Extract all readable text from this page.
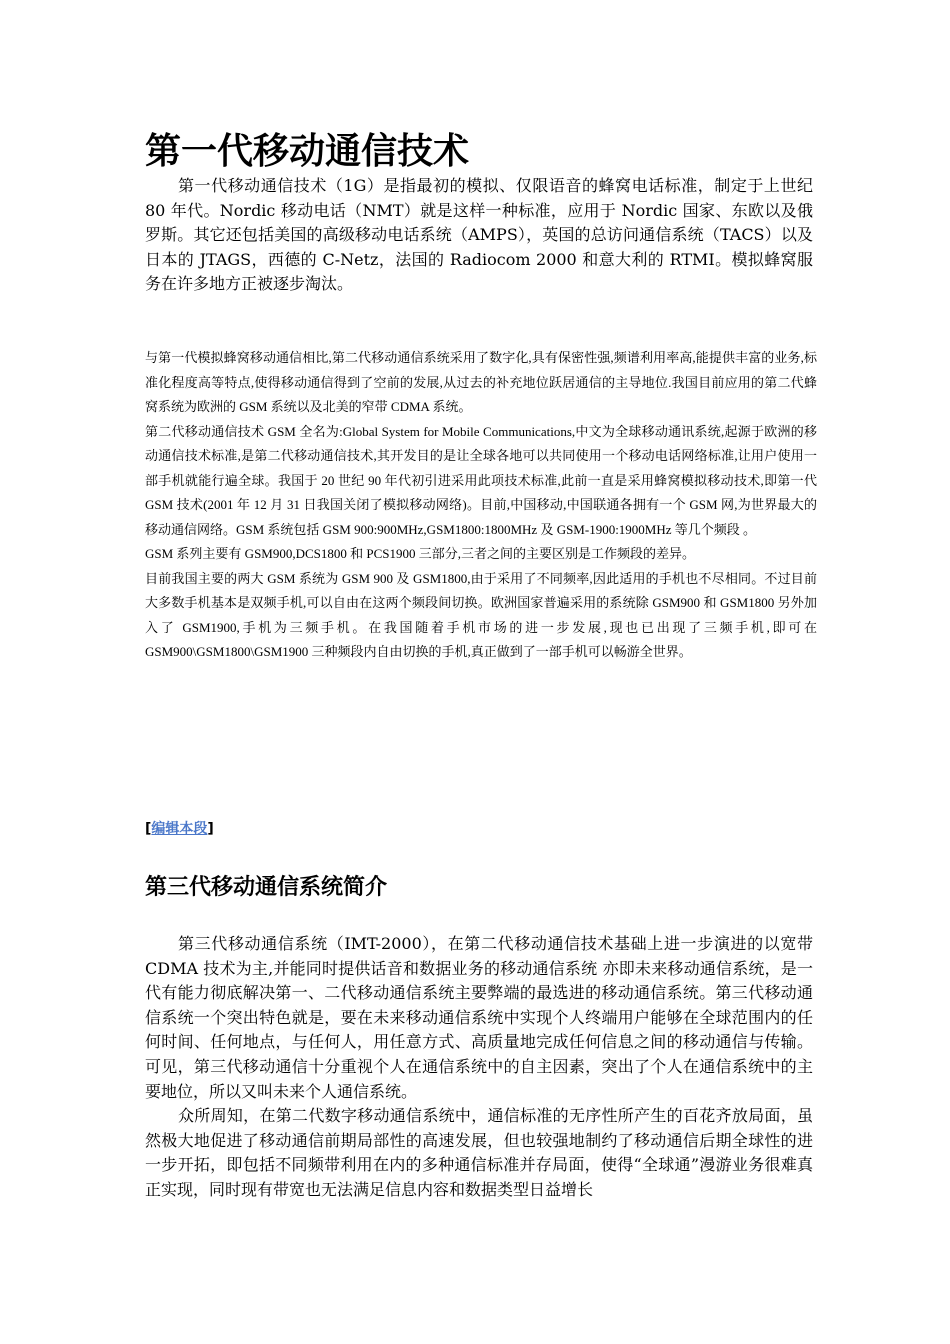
第一代移动通信技术

第一代移动通信技术（1G）是指最初的模拟、仅限语音的蜂窝电话标准，制定于上世纪 80 年代。Nordic 移动电话（NMT）就是这样一种标准，应用于 Nordic 国家、东欧以及俄罗斯。其它还包括美国的高级移动电话系统（AMPS），英国的总访问通信系统（TACS）以及日本的 JTAGS，西德的 C-Netz，法国的 Radiocom 2000 和意大利的 RTMI。模拟蜂窝服务在许多地方正被逐步淘汰。

与第一代模拟蜂窝移动通信相比,第二代移动通信系统采用了数字化,具有保密性强,频谱利用率高,能提供丰富的业务,标准化程度高等特点,使得移动通信得到了空前的发展,从过去的补充地位跃居通信的主导地位.我国目前应用的第二代蜂窝系统为欧洲的 GSM 系统以及北美的窄带 CDMA 系统。

第二代移动通信技术 GSM 全名为:Global System for Mobile Communications,中文为全球移动通讯系统,起源于欧洲的移动通信技术标准,是第二代移动通信技术,其开发目的是让全球各地可以共同使用一个移动电话网络标准,让用户使用一部手机就能行遍全球。我国于 20 世纪 90 年代初引进采用此项技术标准,此前一直是采用蜂窝模拟移动技术,即第一代 GSM 技术(2001 年 12 月 31 日我国关闭了模拟移动网络)。目前,中国移动,中国联通各拥有一个 GSM 网,为世界最大的移动通信网络。GSM 系统包括 GSM 900:900MHz,GSM1800:1800MHz 及 GSM-1900:1900MHz 等几个频段 。

GSM 系列主要有 GSM900,DCS1800 和 PCS1900 三部分,三者之间的主要区别是工作频段的差异。

目前我国主要的两大 GSM 系统为 GSM 900 及 GSM1800,由于采用了不同频率,因此适用的手机也不尽相同。不过目前大多数手机基本是双频手机,可以自由在这两个频段间切换。欧洲国家普遍采用的系统除 GSM900 和 GSM1800 另外加入了 GSM1900,手机为三频手机。在我国随着手机市场的进一步发展,现也已出现了三频手机,即可在 GSM900\GSM1800\GSM1900 三种频段内自由切换的手机,真正做到了一部手机可以畅游全世界。

[编辑本段]
第三代移动通信系统简介

第三代移动通信系统（IMT-2000），在第二代移动通信技术基础上进一步演进的以宽带 CDMA 技术为主,并能同时提供话音和数据业务的移动通信系统 亦即未来移动通信系统，是一代有能力彻底解决第一、二代移动通信系统主要弊端的最选进的移动通信系统。第三代移动通信系统一个突出特色就是，要在未来移动通信系统中实现个人终端用户能够在全球范围内的任何时间、任何地点，与任何人，用任意方式、高质量地完成任何信息之间的移动通信与传输。可见，第三代移动通信十分重视个人在通信系统中的自主因素，突出了个人在通信系统中的主要地位，所以又叫未来个人通信系统。

众所周知，在第二代数字移动通信系统中，通信标准的无序性所产生的百花齐放局面，虽然极大地促进了移动通信前期局部性的高速发展，但也较强地制约了移动通信后期全球性的进一步开拓，即包括不同频带利用在内的多种通信标准并存局面，使得“全球通”漫游业务很难真正实现，同时现有带宽也无法满足信息内容和数据类型日益增长
